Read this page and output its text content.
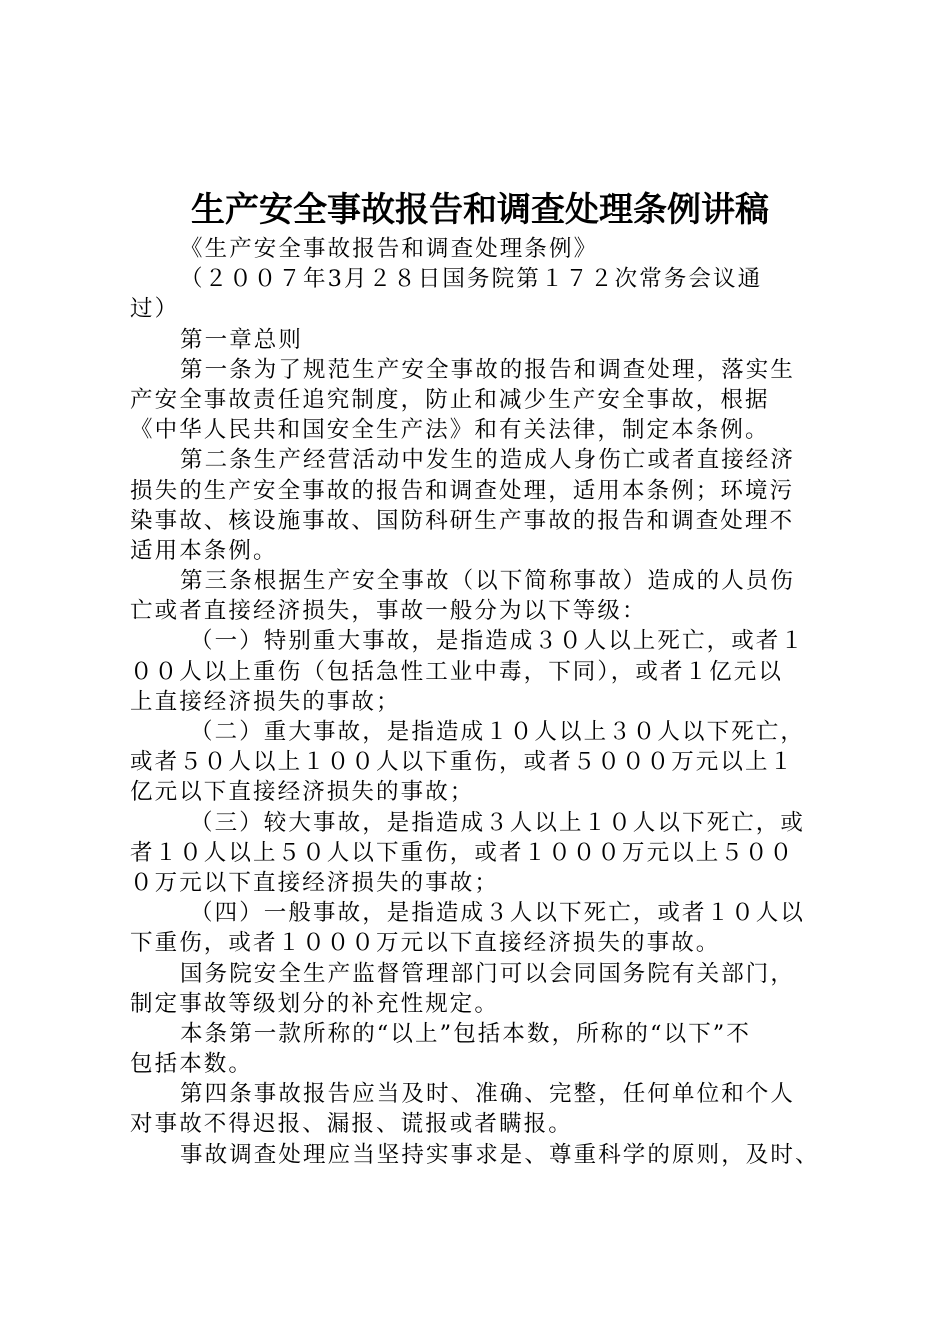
生产安全事故报告和调查处理条例讲稿
《生产安全事故报告和调查处理条例》
（２００７年3月２８日国务院第１７２次常务会议通
过）
第一章总则
第一条为了规范生产安全事故的报告和调查处理，落实生
产安全事故责任追究制度，防止和减少生产安全事故，根据
《中华人民共和国安全生产法》和有关法律，制定本条例。
第二条生产经营活动中发生的造成人身伤亡或者直接经济
损失的生产安全事故的报告和调查处理，适用本条例；环境污
染事故、核设施事故、国防科研生产事故的报告和调查处理不
适用本条例。
第三条根据生产安全事故（以下简称事故）造成的人员伤
亡或者直接经济损失，事故一般分为以下等级：
（一）特别重大事故，是指造成３０人以上死亡，或者１
００人以上重伤（包括急性工业中毒，下同），或者１亿元以
上直接经济损失的事故；
（二）重大事故，是指造成１０人以上３０人以下死亡，
或者５０人以上１００人以下重伤，或者５０００万元以上１
亿元以下直接经济损失的事故；
（三）较大事故，是指造成３人以上１０人以下死亡，或
者１０人以上５０人以下重伤，或者１０００万元以上５００
０万元以下直接经济损失的事故；
（四）一般事故，是指造成３人以下死亡，或者１０人以
下重伤，或者１０００万元以下直接经济损失的事故。
国务院安全生产监督管理部门可以会同国务院有关部门，
制定事故等级划分的补充性规定。
本条第一款所称的“以上”包括本数，所称的“以下”不
包括本数。
第四条事故报告应当及时、准确、完整，任何单位和个人
对事故不得迟报、漏报、谎报或者瞒报。
事故调查处理应当坚持实事求是、尊重科学的原则，及时、
